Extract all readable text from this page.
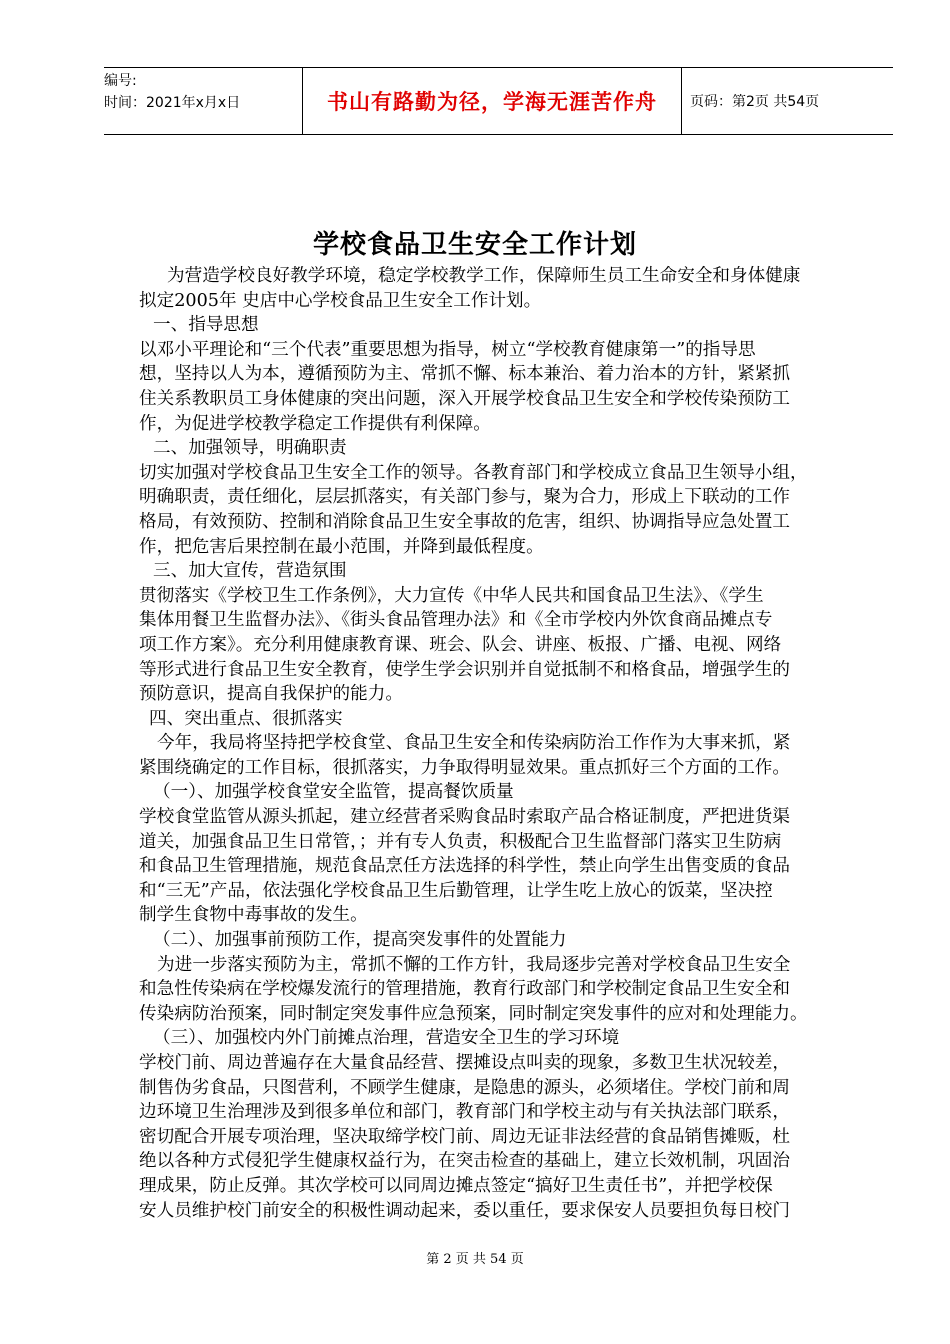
编号:
时间：2021年x月x日	书山有路勤为径，学海无涯苦作舟 页码：第2页 共54页
学校食品卫生安全工作计划
为营造学校良好教学环境，稳定学校教学工作，保障师生员工生命安全和身体健康
拟定2005年 史店中心学校食品卫生安全工作计划。
一、指导思想
以邓小平理论和“三个代表”重要思想为指导，树立“学校教育健康第一”的指导思
想，坚持以人为本，遵循预防为主、常抓不懈、标本兼治、着力治本的方针，紧紧抓
住关系教职员工身体健康的突出问题，深入开展学校食品卫生安全和学校传染预防工
作，为促进学校教学稳定工作提供有利保障。
二、加强领导，明确职责
切实加强对学校食品卫生安全工作的领导。各教育部门和学校成立食品卫生领导小组，
明确职责，责任细化，层层抓落实，有关部门参与，聚为合力，形成上下联动的工作
格局，有效预防、控制和消除食品卫生安全事故的危害，组织、协调指导应急处置工
作，把危害后果控制在最小范围，并降到最低程度。
三、加大宣传，营造氛围
贯彻落实《学校卫生工作条例》，大力宣传《中华人民共和国食品卫生法》、《学生
集体用餐卫生监督办法》、《街头食品管理办法》和《全市学校内外饮食商品摊点专
项工作方案》。充分利用健康教育课、班会、队会、讲座、板报、广播、电视、网络
等形式进行食品卫生安全教育，使学生学会识别并自觉抵制不和格食品，增强学生的
预防意识，提高自我保护的能力。
四、突出重点、很抓落实
今年，我局将坚持把学校食堂、食品卫生安全和传染病防治工作作为大事来抓，紧
紧围绕确定的工作目标，很抓落实，力争取得明显效果。重点抓好三个方面的工作。
（一）、加强学校食堂安全监管，提高餐饮质量
学校食堂监管从源头抓起，建立经营者采购食品时索取产品合格证制度，严把进货渠
道关，加强食品卫生日常管，；并有专人负责，积极配合卫生监督部门落实卫生防病
和食品卫生管理措施，规范食品烹任方法选择的科学性，禁止向学生出售变质的食品
和“三无”产品，依法强化学校食品卫生后勤管理，让学生吃上放心的饭菜，坚决控
制学生食物中毒事故的发生。
（二）、加强事前预防工作，提高突发事件的处置能力
为进一步落实预防为主，常抓不懈的工作方针，我局逐步完善对学校食品卫生安全
和急性传染病在学校爆发流行的管理措施，教育行政部门和学校制定食品卫生安全和
传染病防治预案，同时制定突发事件应急预案，同时制定突发事件的应对和处理能力。
（三）、加强校内外门前摊点治理，营造安全卫生的学习环境
学校门前、周边普遍存在大量食品经营、摆摊设点叫卖的现象，多数卫生状况较差，
制售伪劣食品，只图营利，不顾学生健康，是隐患的源头，必须堵住。学校门前和周
边环境卫生治理涉及到很多单位和部门，教育部门和学校主动与有关执法部门联系，
密切配合开展专项治理，坚决取缔学校门前、周边无证非法经营的食品销售摊贩，杜
绝以各种方式侵犯学生健康权益行为，在突击检查的基础上，建立长效机制，巩固治
理成果，防止反弹。其次学校可以同周边摊点签定“搞好卫生责任书”，并把学校保
安人员维护校门前安全的积极性调动起来，委以重任，要求保安人员要担负每日校门
第 2 页 共 54 页
